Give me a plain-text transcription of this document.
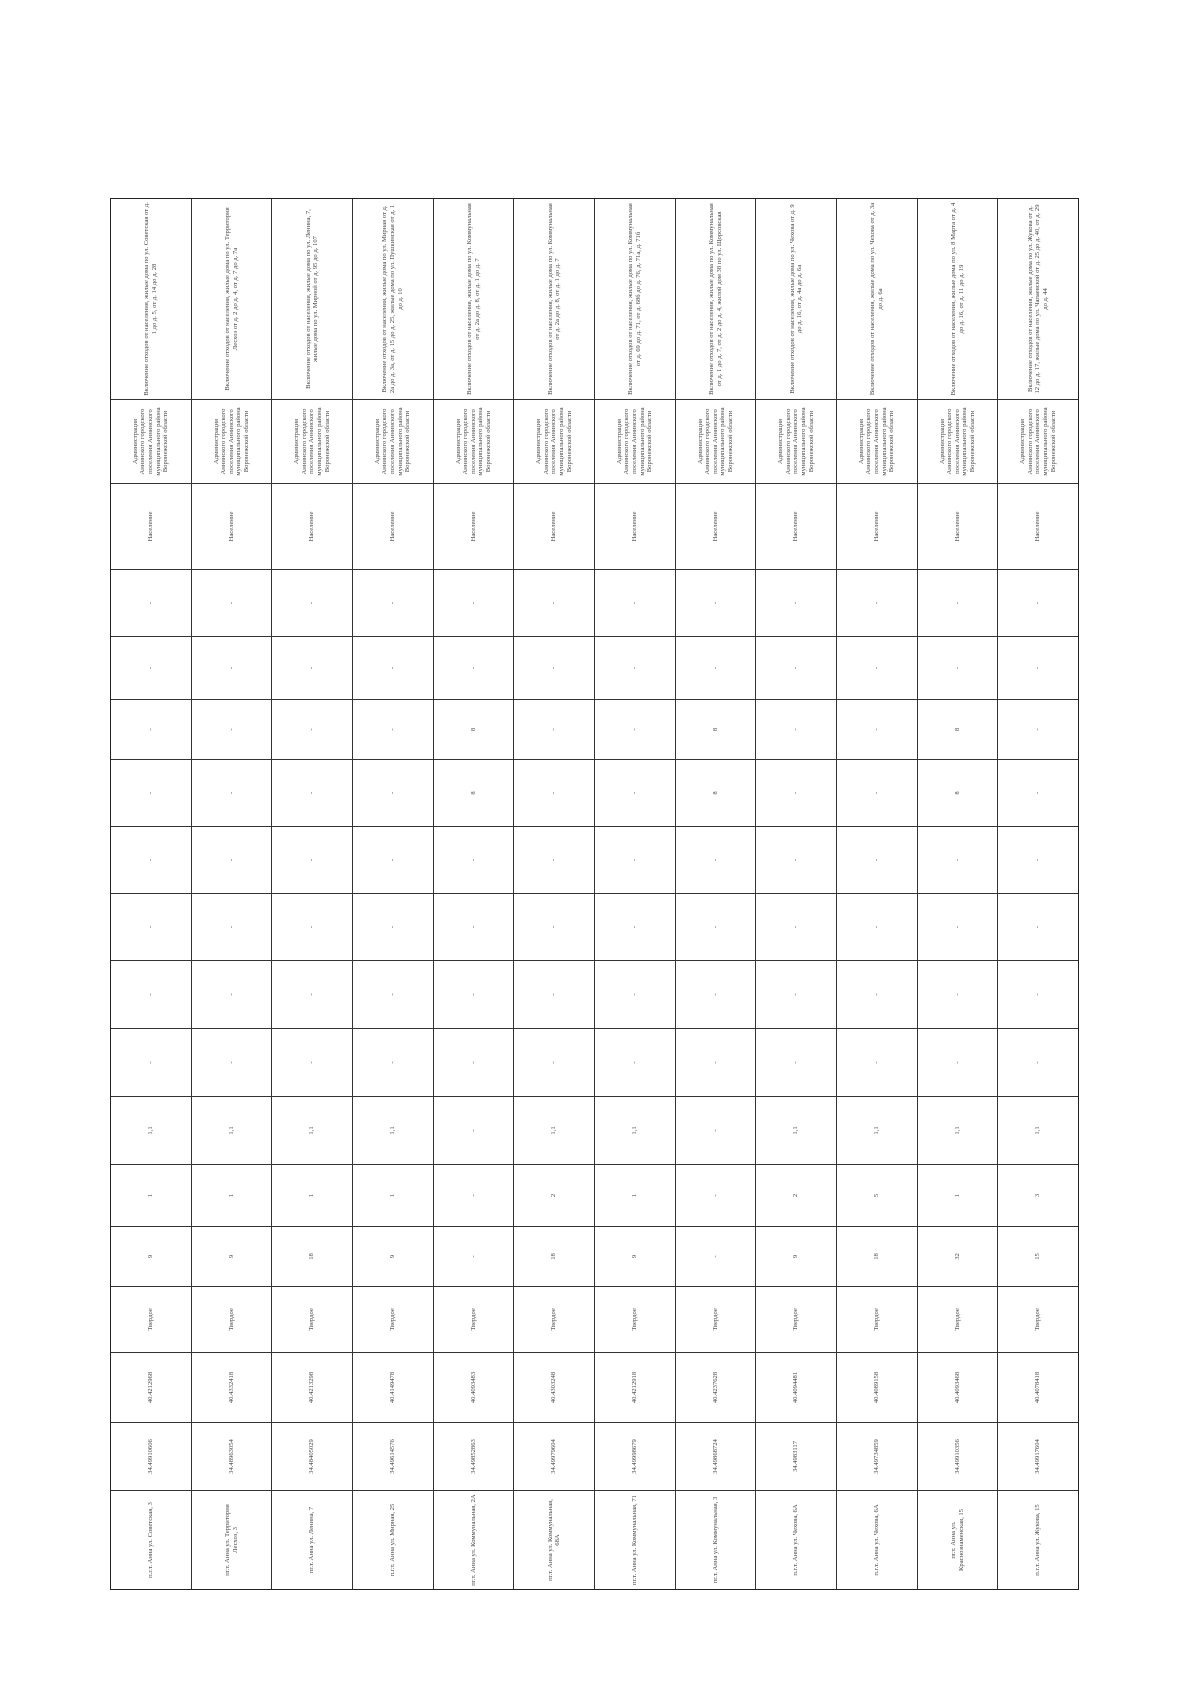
п.г.т. Анна ул. Советская, 3
34.49910606
40.4212968
Твердое
9
1
1,1
-
-
-
-
-
-
-
-
Население
Администрация Аннинского городского поселения Аннинского муниципального района Воронежской области
Включение отходов от населения, жилые дома по ул. Советская от д. 1 до д. 5, от д. 14 до д. 28
пг.т. Анна ул. Территория Лесхоз, 3
34.48963054
40.4332418
Твердое
9
1
1,1
-
-
-
-
-
-
-
-
Население
Администрация Аннинского городского поселения Аннинского муниципального района Воронежской области
Включение отходов от населения, жилые дома по ул. Территория Лесхоз от д. 2 до д. 4, от д. 7 до д. 7а
пг.т. Анна ул. Ленина, 7
34.48405029
40.4213298
Твердое
18
1
1,1
-
-
-
-
-
-
-
-
Население
Администрация Аннинского городского поселения Аннинского муниципального района Воронежской области
Включение отходов от населения, жилые дома по ул. Ленина, 7, жилые дома по ул. Мирной от д. 95 до д. 107
п.г.т. Анна ул. Мирная, 25
34.49614576
40.4149478
Твердое
9
1
1,1
-
-
-
-
-
-
-
-
Население
Администрация Аннинского городского поселения Аннинского муниципального района Воронежской области
Включение отходов от населения, жилые дома по ул. Мирная от д. 2а до д. 3а, от д. 15 до д. 25, жилые дома по ул. Пушкинская от д. 1 до д. 10
пг.т. Анна ул. Коммунальная, 2А
34.49852863
40.4093483
Твердое
-
-
-
-
-
-
-
8
8
-
-
Население
Администрация Аннинского городского поселения Аннинского муниципального района Воронежской области
Включение отходов от населения, жилые дома по ул. Коммунальная от д. 2а до д. 8, от д. 1 до д. 7
пг.т. Анна ул. Коммунальная, 68А
34.49979604
40.4303248
Твердое
18
2
1,1
-
-
-
-
-
-
-
-
Население
Администрация Аннинского городского поселения Аннинского муниципального района Воронежской области
Включение отходов от населения, жилые дома по ул. Коммунальная от д. 2а до д. 8, от д. 1 до д. 7
пг.т. Анна ул. Коммунальная, 71
34.49998679
40.4212918
Твердое
9
1
1,1
-
-
-
-
-
-
-
-
Население
Администрация Аннинского городского поселения Аннинского муниципального района Воронежской области
Включение отходов от населения, жилые дома по ул. Коммунальная от д. 69 до д. 71, от д. 68б до д. 76, д. 71а, д. 71б
пг.т. Анна ул. Коммунальная, 3
34.49868724
40.4237628
Твердое
-
-
-
-
-
-
-
8
8
-
-
Население
Администрация Аннинского городского поселения Аннинского муниципального района Воронежской области
Включение отходов от населения, жилые дома по ул. Коммунальная от д. 1 до д. 7, от д. 2 до д. 4, жилой дом 38 по ул. Щорсовская
п.г.т. Анна ул. Чехова, 6А
34.4983117
40.4094481
Твердое
9
2
1,1
-
-
-
-
-
-
-
-
Население
Администрация Аннинского городского поселения Аннинского муниципального района Воронежской области
Включение отходов от населения, жилые дома по ул. Чехова от д. 9 до д. 16, от д. 4а до д. 6а
п.г.т. Анна ул. Чехова, 6А
34.49734859
40.4089158
Твердое
18
5
1,1
-
-
-
-
-
-
-
-
Население
Администрация Аннинского городского поселения Аннинского муниципального района Воронежской области
Включение отходов от населения, жилые дома по ул. Чехова от д. 3а до д. 6а
пг.т. Анна ул. Краснознаменская, 15
34.49910356
40.4093468
Твердое
32
1
1,1
-
-
-
-
8
8
-
-
Население
Администрация Аннинского городского поселения Аннинского муниципального района Воронежской области
Включение отходов от населения, жилые дома по ул. 8 Марта от д. 4 до д. 16, от д. 11 до д. 19
п.г.т. Анна ул. Жукова, 15
34.49917604
40.4078418
Твердое
15
3
1,1
-
-
-
-
-
-
-
-
Население
Администрация Аннинского городского поселения Аннинского муниципального района Воронежской области
Включение отходов от населения, жилые дома по ул. Жукова от д. 12 до д. 17, жилые дома по ул. Чапаевской от д. 25 до д. 40, от д. 29 до д. 44
